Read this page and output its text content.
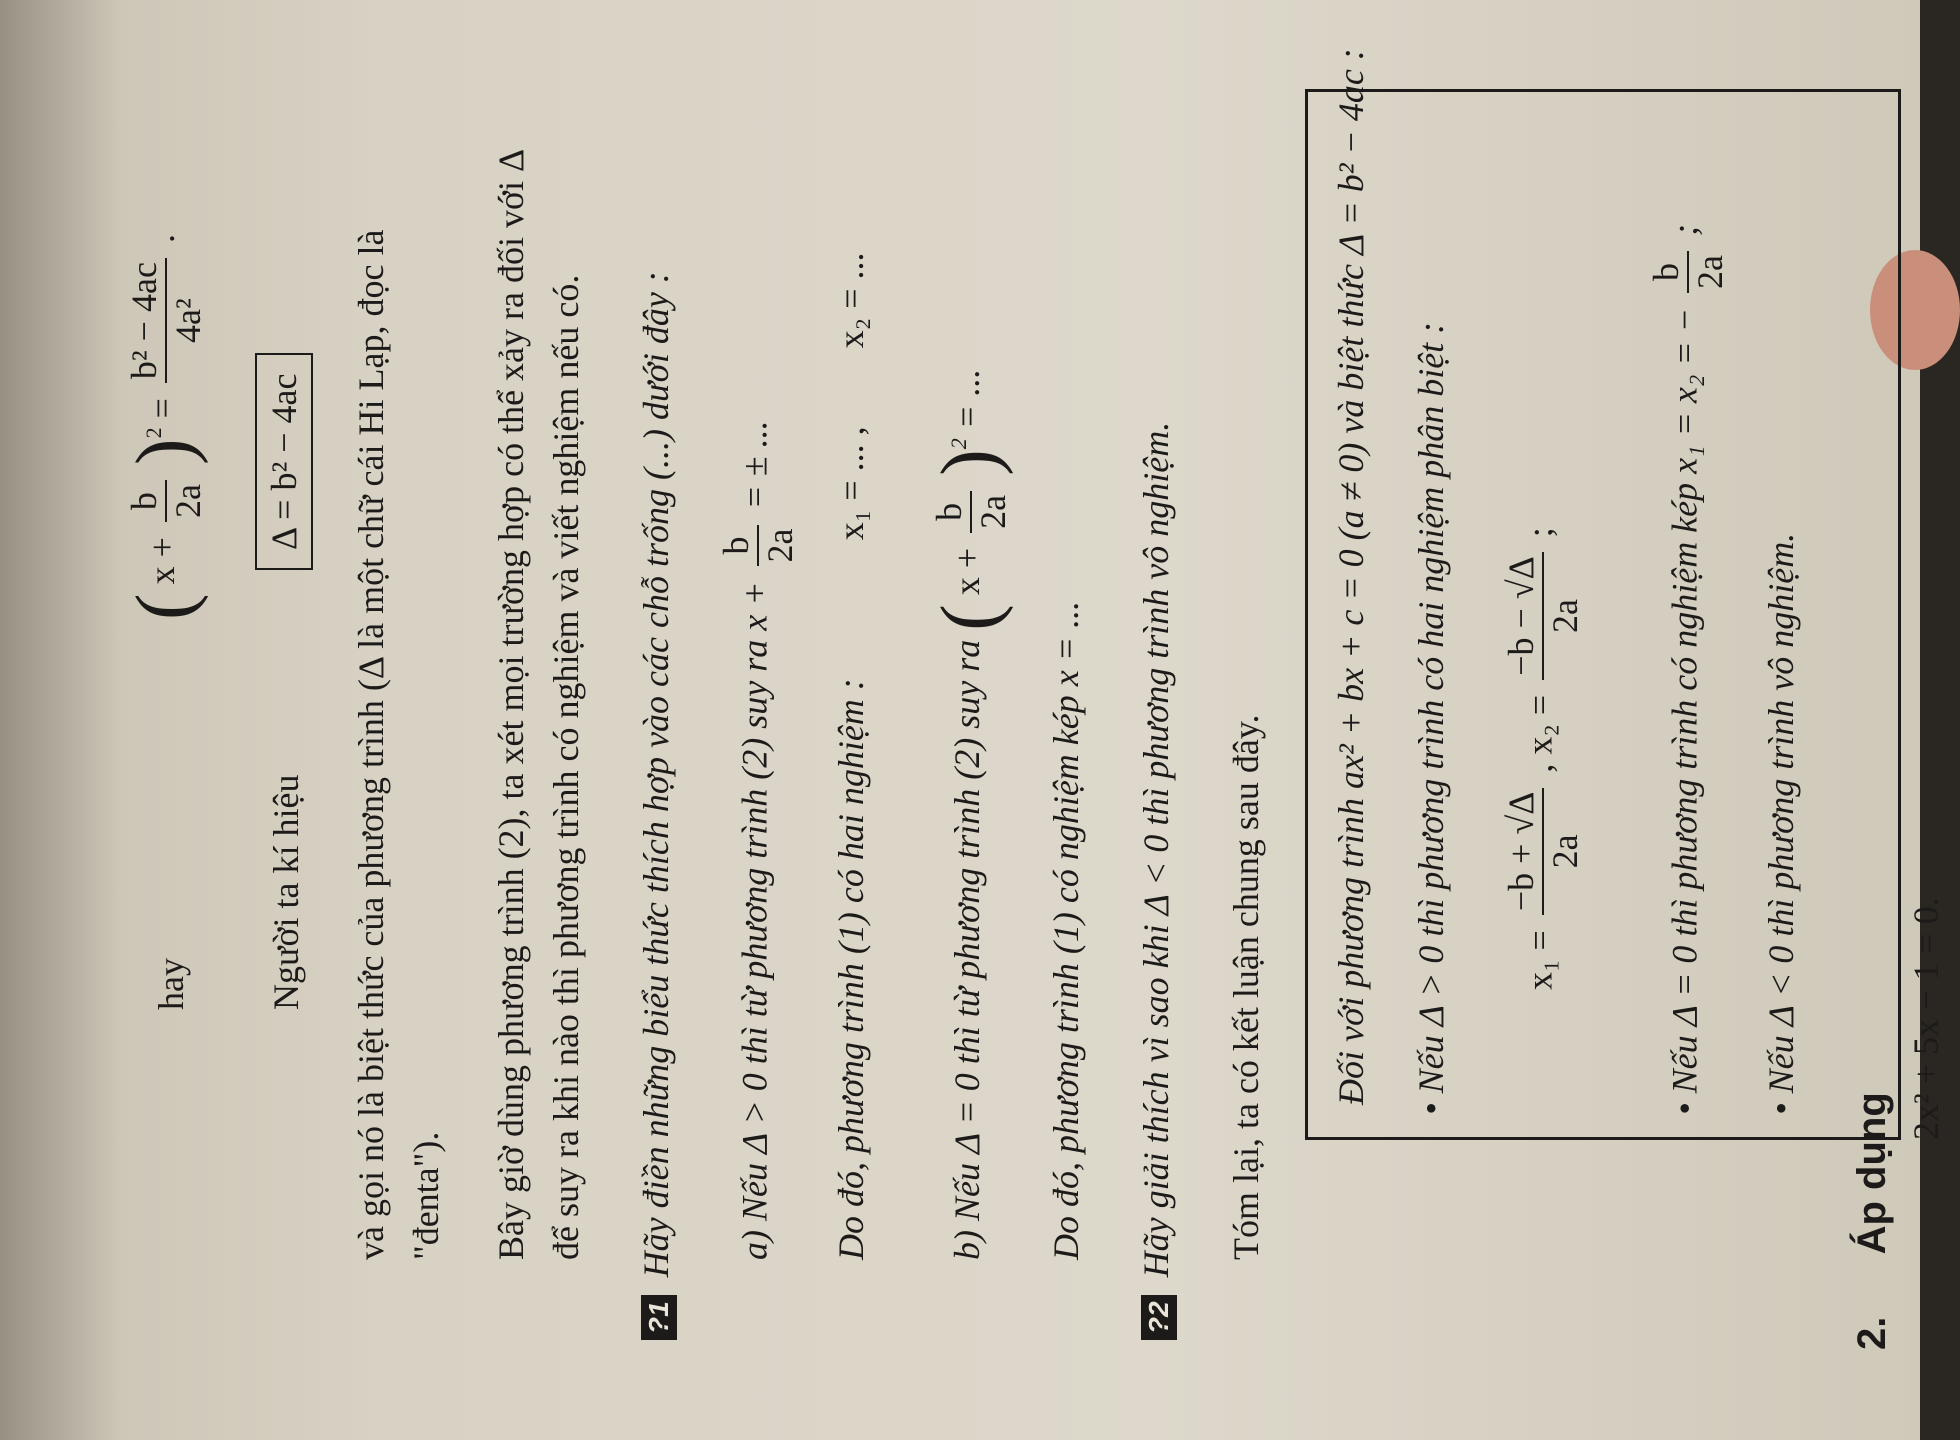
hay
( x +
b 2a
)$^2$ =
b² − 4ac 4a²
.
Người ta kí hiệu
Δ = b² − 4ac và gọi nó là biệt thức của phương trình (Δ là một chữ cái Hi Lạp, đọc là "đenta"). Bây giờ dùng phương trình (2), ta xét mọi trường hợp có thể xảy ra đối với Δ để suy ra khi nào thì phương trình có nghiệm và viết nghiệm nếu có.
?1Hãy điền những biểu thức thích hợp vào các chỗ trống (...) dưới đây :	a) Nếu Δ > 0 thì từ phương trình (2) suy ra x +
b 2a
= ± ...
Do đó, phương trình (1) có hai nghiệm :  x₁ = ... ,  x₂ = ...
b) Nếu Δ = 0 thì từ phương trình (2) suy ra ( x +
b 2a
)$^2$ = ...
Do đó, phương trình (1) có nghiệm kép x = ...
?2Hãy giải thích vì sao khi Δ < 0 thì phương trình vô nghiệm. Tóm lại, ta có kết luận chung sau đây. Đối với phương trình ax² + bx + c = 0 (a ≠ 0) và biệt thức Δ = b² − 4ac : • Nếu Δ > 0 thì phương trình có hai nghiệm phân biệt :	x₁ =
−b + √Δ 2a
, x₂ =
−b − √Δ 2a
;	• Nếu Δ = 0 thì phương trình có nghiệm kép x₁ = x₂ = −
b 2a
;
• Nếu Δ < 0 thì phương trình vô nghiệm.
2.  Áp dụng
2x² + 5x − 1 = 0.
